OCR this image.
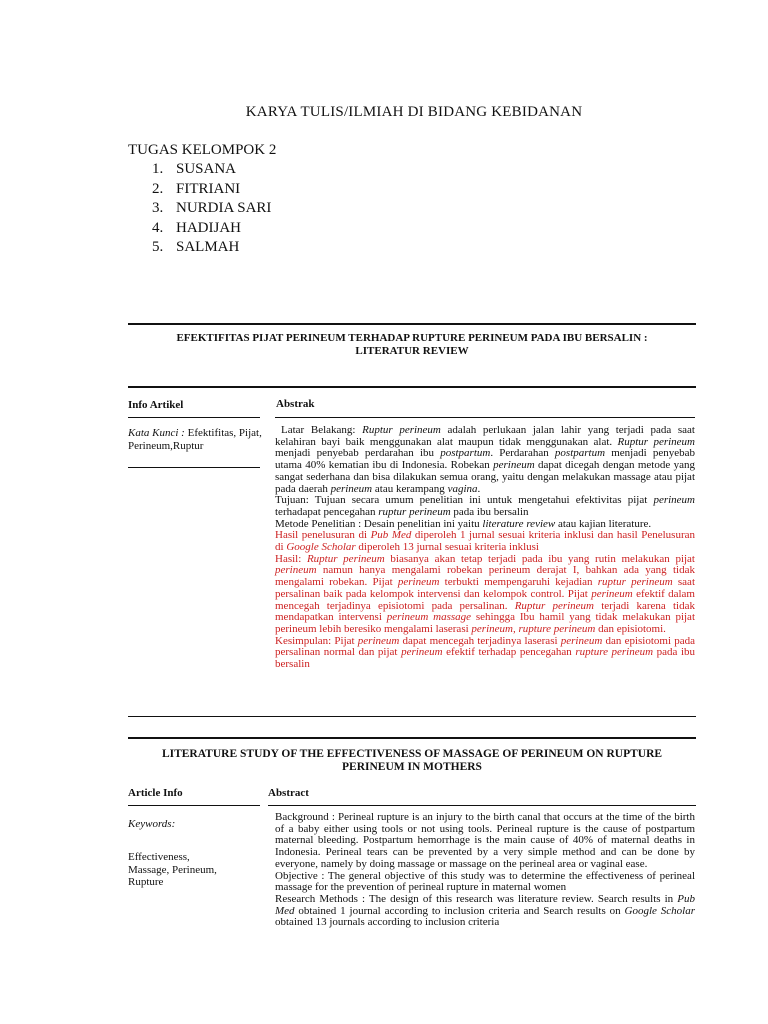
KARYA TULIS/ILMIAH DI BIDANG KEBIDANAN
TUGAS KELOMPOK 2
1. SUSANA
2. FITRIANI
3. NURDIA SARI
4. HADIJAH
5. SALMAH
EFEKTIFITAS PIJAT PERINEUM TERHADAP RUPTURE PERINEUM PADA IBU BERSALIN :
LITERATUR REVIEW
Info Artikel	Abstrak
Kata Kunci : Efektifitas, Pijat, Perineum,Ruptur

Latar Belakang: Ruptur perineum adalah perlukaan jalan lahir yang terjadi pada saat kelahiran bayi baik menggunakan alat maupun tidak menggunakan alat. Ruptur perineum menjadi penyebab perdarahan ibu postpartum. Perdarahan postpartum menjadi penyebab utama 40% kematian ibu di Indonesia. Robekan perineum dapat dicegah dengan metode yang sangat sederhana dan bisa dilakukan semua orang, yaitu dengan melakukan massage atau pijat pada daerah perineum atau kerampang vagina.

Tujuan: Tujuan secara umum penelitian ini untuk mengetahui efektivitas pijat perineum terhadapat pencegahan ruptur perineum pada ibu bersalin

Metode Penelitian : Desain penelitian ini yaitu literature review atau kajian literature.

Hasil penelusuran di Pub Med diperoleh 1 jurnal sesuai kriteria inklusi dan hasil Penelusuran di Google Scholar diperoleh 13 jurnal sesuai kriteria inklusi

Hasil: Ruptur perineum biasanya akan tetap terjadi pada ibu yang rutin melakukan pijat perineum namun hanya mengalami robekan perineum derajat I, bahkan ada yang tidak mengalami robekan. Pijat perineum terbukti mempengaruhi kejadian ruptur perineum saat persalinan baik pada kelompok intervensi dan kelompok control. Pijat perineum efektif dalam mencegah terjadinya episiotomi pada persalinan. Ruptur perineum terjadi karena tidak mendapatkan intervensi perineum massage sehingga Ibu hamil yang tidak melakukan pijat perineum lebih beresiko mengalami laserasi perineum, rupture perineum dan episiotomi.

Kesimpulan: Pijat perineum dapat mencegah terjadinya laserasi perineum dan episiotomi pada persalinan normal dan pijat perineum efektif terhadap pencegahan rupture perineum pada ibu bersalin

LITERATURE STUDY OF THE EFFECTIVENESS OF MASSAGE OF PERINEUM ON RUPTURE
PERINEUM IN MOTHERS
Article Info	Abstract
Keywords:
Effectiveness,
Massage, Perineum,
Rupture

Background : Perineal rupture is an injury to the birth canal that occurs at the time of the birth of a baby either using tools or not using tools. Perineal rupture is the cause of postpartum maternal bleeding. Postpartum hemorrhage is the main cause of 40% of maternal deaths in Indonesia. Perineal tears can be prevented by a very simple method and can be done by everyone, namely by doing massage or massage on the perineal area or vaginal ease.

Objective : The general objective of this study was to determine the effectiveness of perineal massage for the prevention of perineal rupture in maternal women

Research Methods : The design of this research was literature review. Search results in Pub Med obtained 1 journal according to inclusion criteria and Search results on Google Scholar obtained 13 journals according to inclusion criteria
